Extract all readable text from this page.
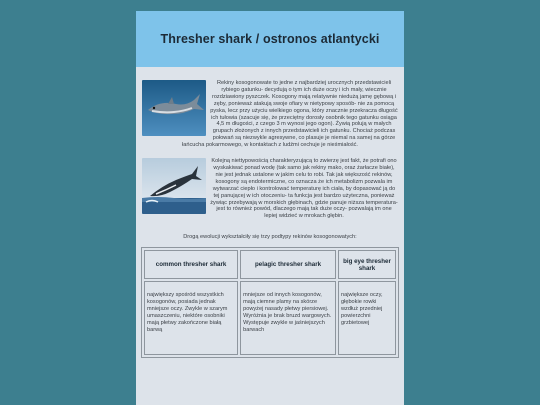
Thresher shark / ostronos atlantycki
Rekiny kosogonowate to jedne z najbardziej urocznych przedstawicieli rybiego gatunku- decydują o tym ich duże oczy i ich mały, wiecznie rozdziawiony pyszczek. Kosogony mają relatywnie niedużą jamę gębową i zęby, ponieważ atakują swoje ofiary w nietypowy sposób- nie za pomocą pyska, lecz przy użyciu wielkiego ogona, który znacznie przekracza długość ich tułowia (szacuje się, że przeciętny dorosły osobnik tego gatunku osiąga 4,5 m długości, z czego 3 m wynosi jego ogon). Żywią polują w małych grupach złożonych z innych przedstawicieli ich gatunku. Chociaż podczas połowań są niezwykle agresywne, co plasuje je niemal na samej na górze łańcucha pokarmowego, w kontaktach z ludźmi cechuje je nieśmiałość.
Kolejną niettypowością charakteryzującą to zwierzę jest fakt, że potrafi ono wyskakiwać ponad wodę (tak samo jak rekiny mako, oraz żarłacze białe), nie jest jednak ustalone w jakim celu to robi. Tak jak większość rekinów, kosogony są endotermiczne, co oznacza że ich metabolizm pozwala im wytwarzać ciepło i kontrolować temperaturę ich ciała, by dopasować ją do tej panującej w ich otoczeniu- ta funkcja jest bardzo użyteczna, ponieważ żywiąc przebywają w morskich głębinach, gdzie panuje niższa temperatura- jest to również powód, dlaczego mają tak duże oczy- pozwalają im one lepiej widzieć w mrokach głębin.
Drogą ewolucji wykształciły się trzy podtypy rekinów kosogonowatych:
common thresher shark	pelagic thresher shark	big eye thresher shark
największy spośród wszystkich kosogonów, posiada jednak mniejsze oczy. Zwykle w szarym umaszczeniu, niektóre osobniki mają płetwy zakończone białą barwą	mniejsze od innych kosogonów, mają ciemne plamy na skórze powyżej nasady płetwy piersiowej. Wyróżnia je brak bruzd wargowych. Występuje zwykle w jaśniejszych barwach	największe oczy, głębokie rowki wzdłuż przedniej powierzchni grzbietowej
